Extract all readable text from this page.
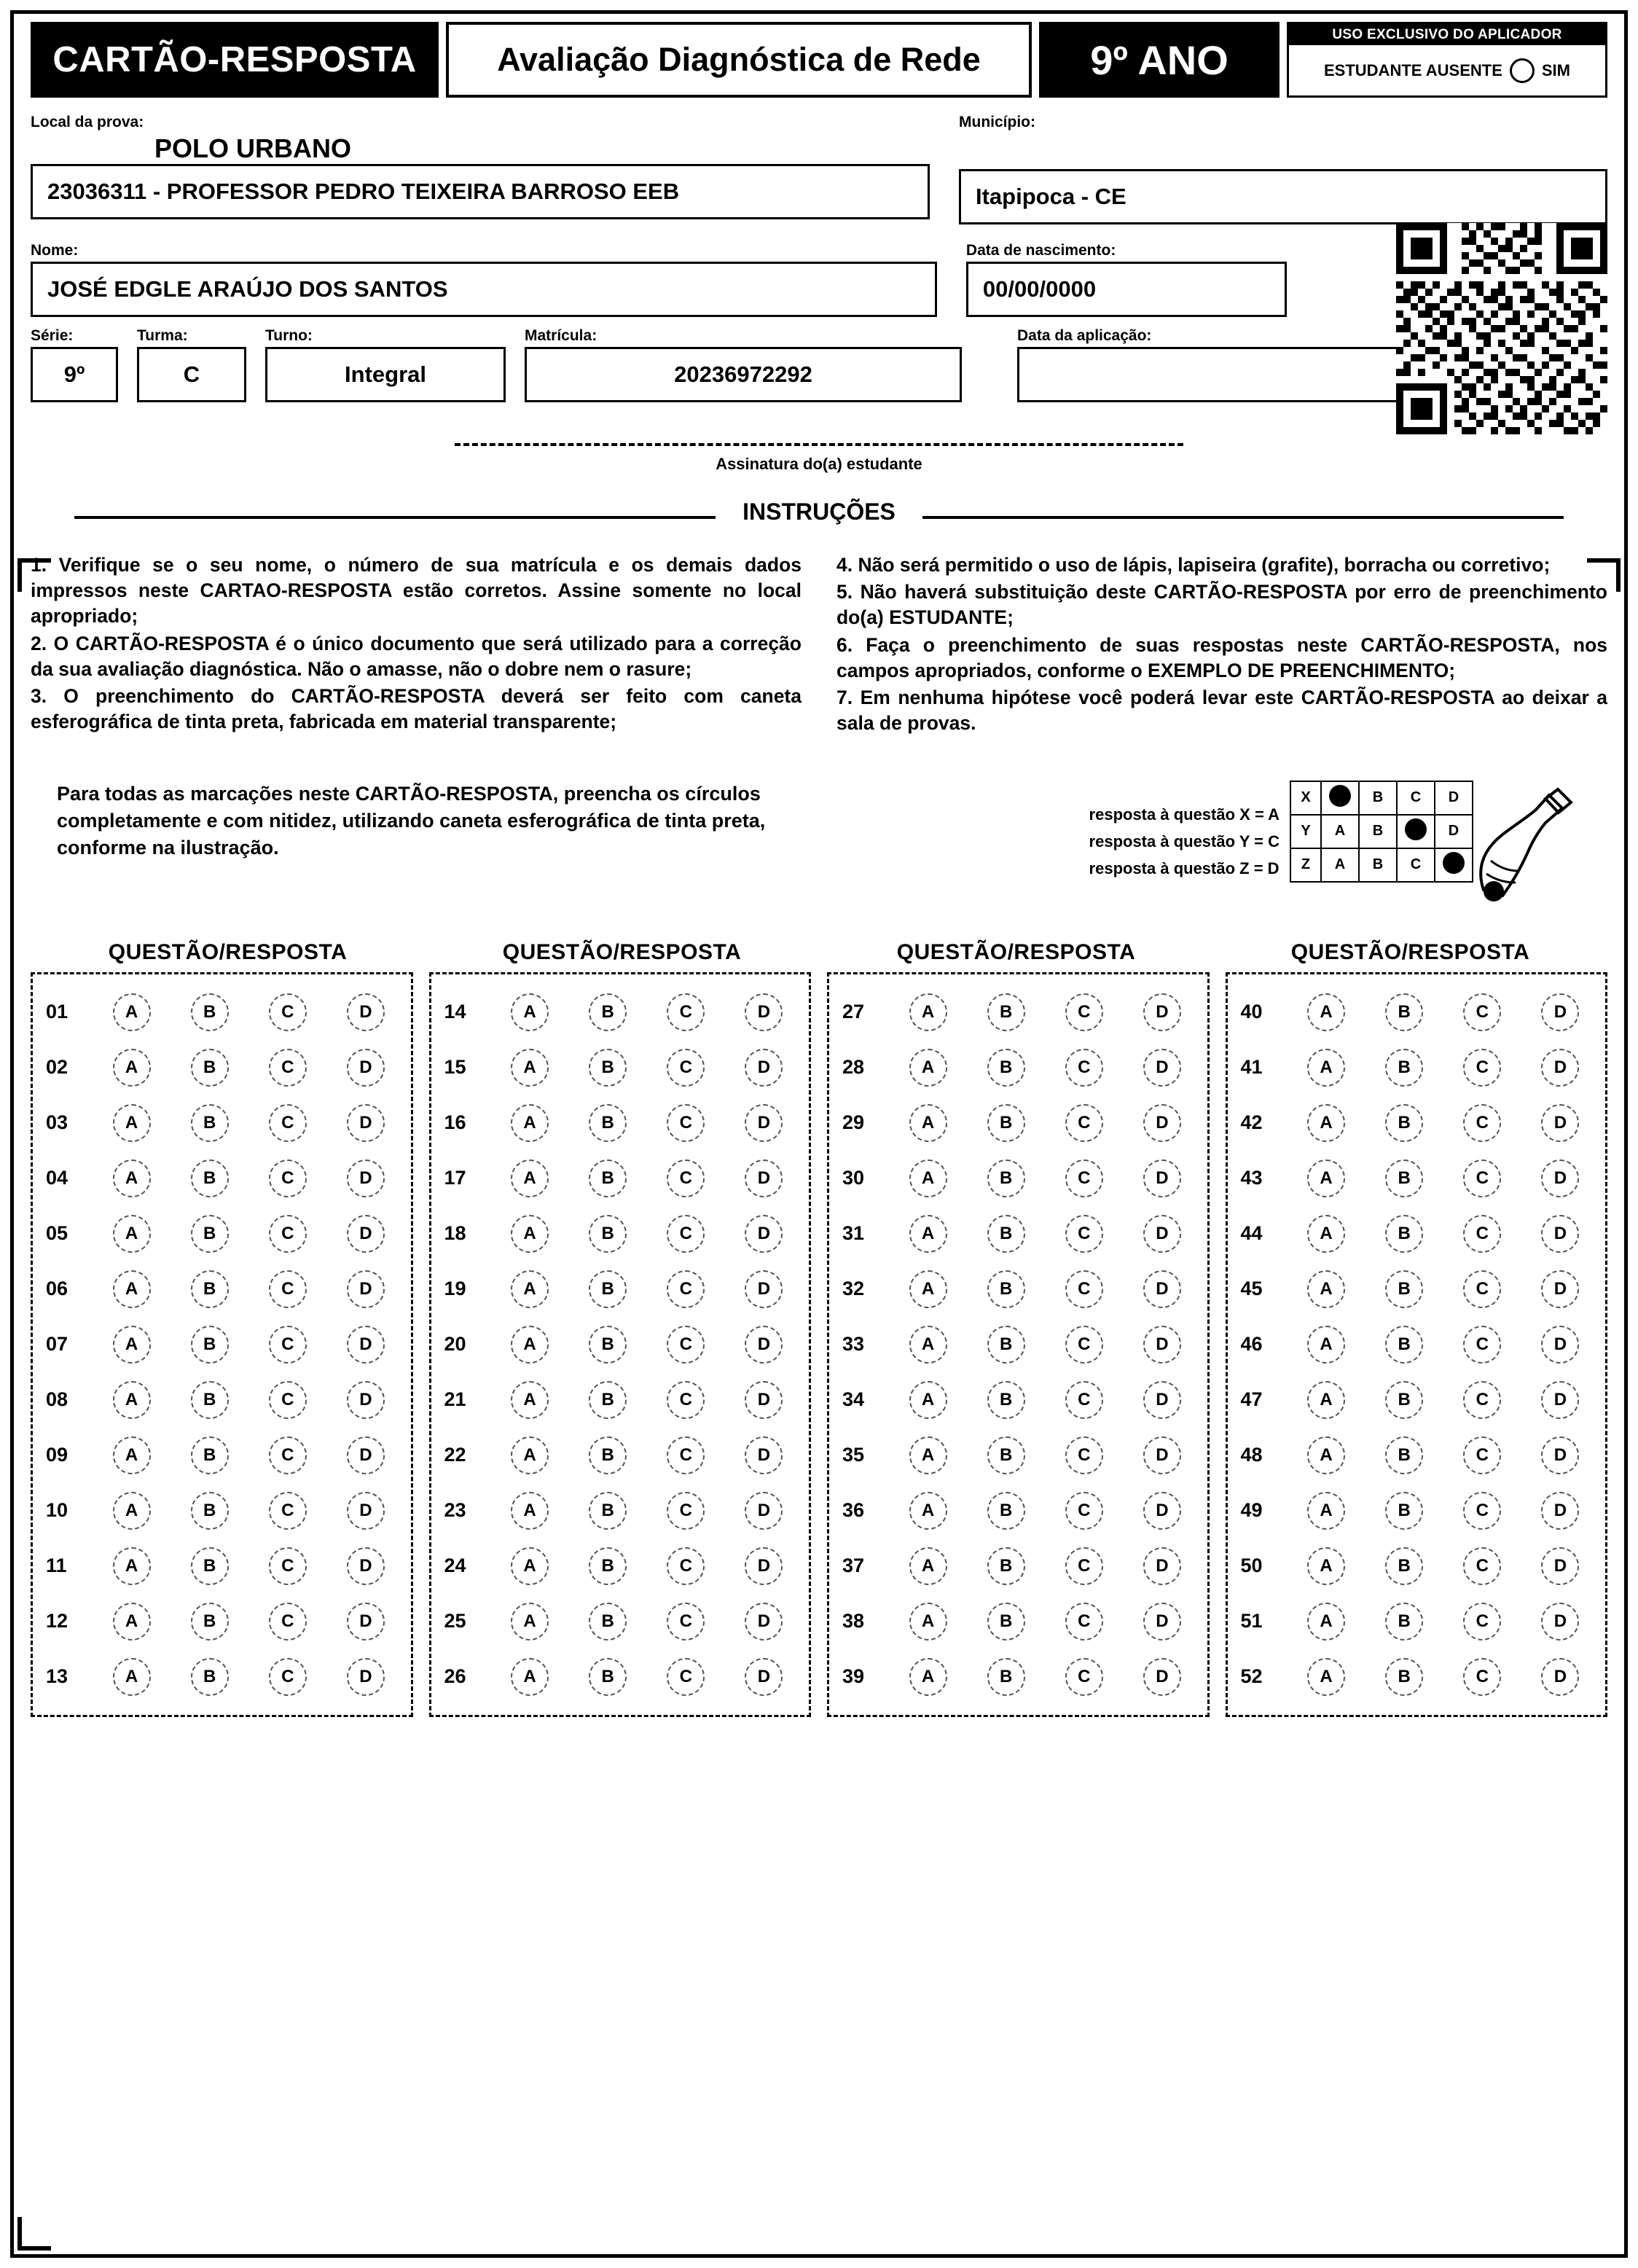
CARTÃO-RESPOSTA	Avaliação Diagnóstica de Rede	9º ANO
USO EXCLUSIVO DO APLICADOR
ESTUDANTE AUSENTE SIM
Local da prova:
POLO URBANO
23036311 - PROFESSOR PEDRO TEIXEIRA BARROSO EEB
Município:
Itapipoca - CE
Nome:
JOSÉ EDGLE ARAÚJO DOS SANTOS
Data de nascimento:
00/00/0000
Série:
9º
Turma:
C
Turno:
Integral
Matrícula:
20236972292
Data da aplicação:
Assinatura do(a) estudante
INSTRUÇÕES

1. Verifique se o seu nome, o número de sua matrícula e os demais dados impressos neste CARTAO-RESPOSTA estão corretos. Assine somente no local apropriado;

2. O CARTÃO-RESPOSTA é o único documento que será utilizado para a correção da sua avaliação diagnóstica. Não o amasse, não o dobre nem o rasure;

3. O preenchimento do CARTÃO-RESPOSTA deverá ser feito com caneta esferográfica de tinta preta, fabricada em material transparente;

4. Não será permitido o uso de lápis, lapiseira (grafite), borracha ou corretivo;

5. Não haverá substituição deste CARTÃO-RESPOSTA por erro de preenchimento do(a) ESTUDANTE;

6. Faça o preenchimento de suas respostas neste CARTÃO-RESPOSTA, nos campos apropriados, conforme o EXEMPLO DE PREENCHIMENTO;

7. Em nenhuma hipótese você poderá levar este CARTÃO-RESPOSTA ao deixar a sala de provas.

Para todas as marcações neste CARTÃO-RESPOSTA, preencha os círculos completamente e com nitidez, utilizando caneta esferográfica de tinta preta, conforme na ilustração.
resposta à questão X = A
resposta à questão Y = C
resposta à questão Z = D
X		B	C	D
Y	A	B		D
Z	A	B	C	
QUESTÃO/RESPOSTA	QUESTÃO/RESPOSTA	QUESTÃO/RESPOSTA	QUESTÃO/RESPOSTA
01	A	B	C	D
02	A	B	C	D
03	A	B	C	D
04	A	B	C	D
05	A	B	C	D
06	A	B	C	D
07	A	B	C	D
08	A	B	C	D
09	A	B	C	D
10	A	B	C	D
11	A	B	C	D
12	A	B	C	D
13	A	B	C	D
14	A	B	C	D
15	A	B	C	D
16	A	B	C	D
17	A	B	C	D
18	A	B	C	D
19	A	B	C	D
20	A	B	C	D
21	A	B	C	D
22	A	B	C	D
23	A	B	C	D
24	A	B	C	D
25	A	B	C	D
26	A	B	C	D
27	A	B	C	D
28	A	B	C	D
29	A	B	C	D
30	A	B	C	D
31	A	B	C	D
32	A	B	C	D
33	A	B	C	D
34	A	B	C	D
35	A	B	C	D
36	A	B	C	D
37	A	B	C	D
38	A	B	C	D
39	A	B	C	D
40	A	B	C	D
41	A	B	C	D
42	A	B	C	D
43	A	B	C	D
44	A	B	C	D
45	A	B	C	D
46	A	B	C	D
47	A	B	C	D
48	A	B	C	D
49	A	B	C	D
50	A	B	C	D
51	A	B	C	D
52	A	B	C	D
